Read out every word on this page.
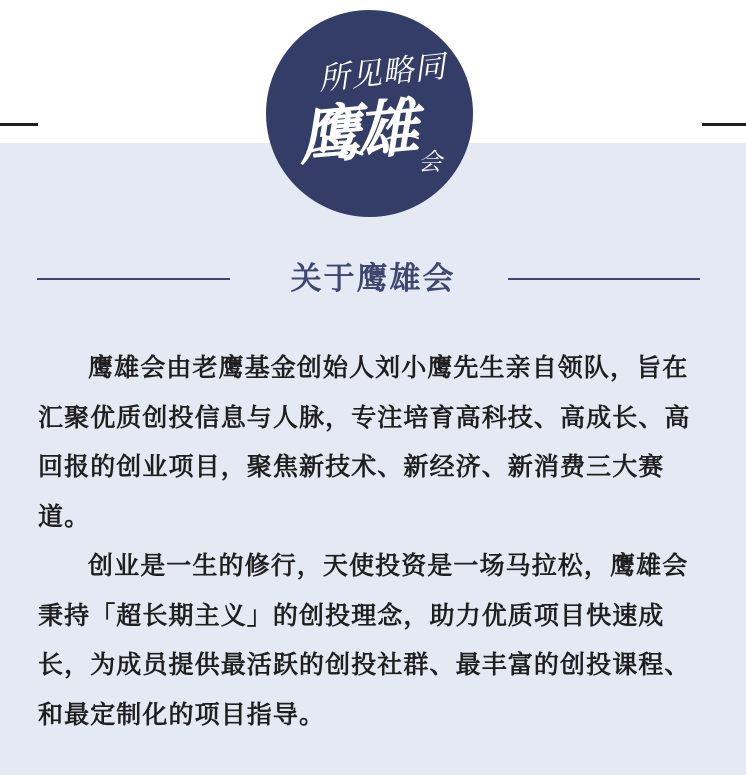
所见略同
鹰雄 会
关于鹰雄会

鹰雄会由老鹰基金创始人刘小鹰先生亲自领队，旨在汇聚优质创投信息与人脉，专注培育高科技、高成长、高回报的创业项目，聚焦新技术、新经济、新消费三大赛道。

创业是一生的修行，天使投资是一场马拉松，鹰雄会秉持「超长期主义」的创投理念，助力优质项目快速成长，为成员提供最活跃的创投社群、最丰富的创投课程、和最定制化的项目指导。
